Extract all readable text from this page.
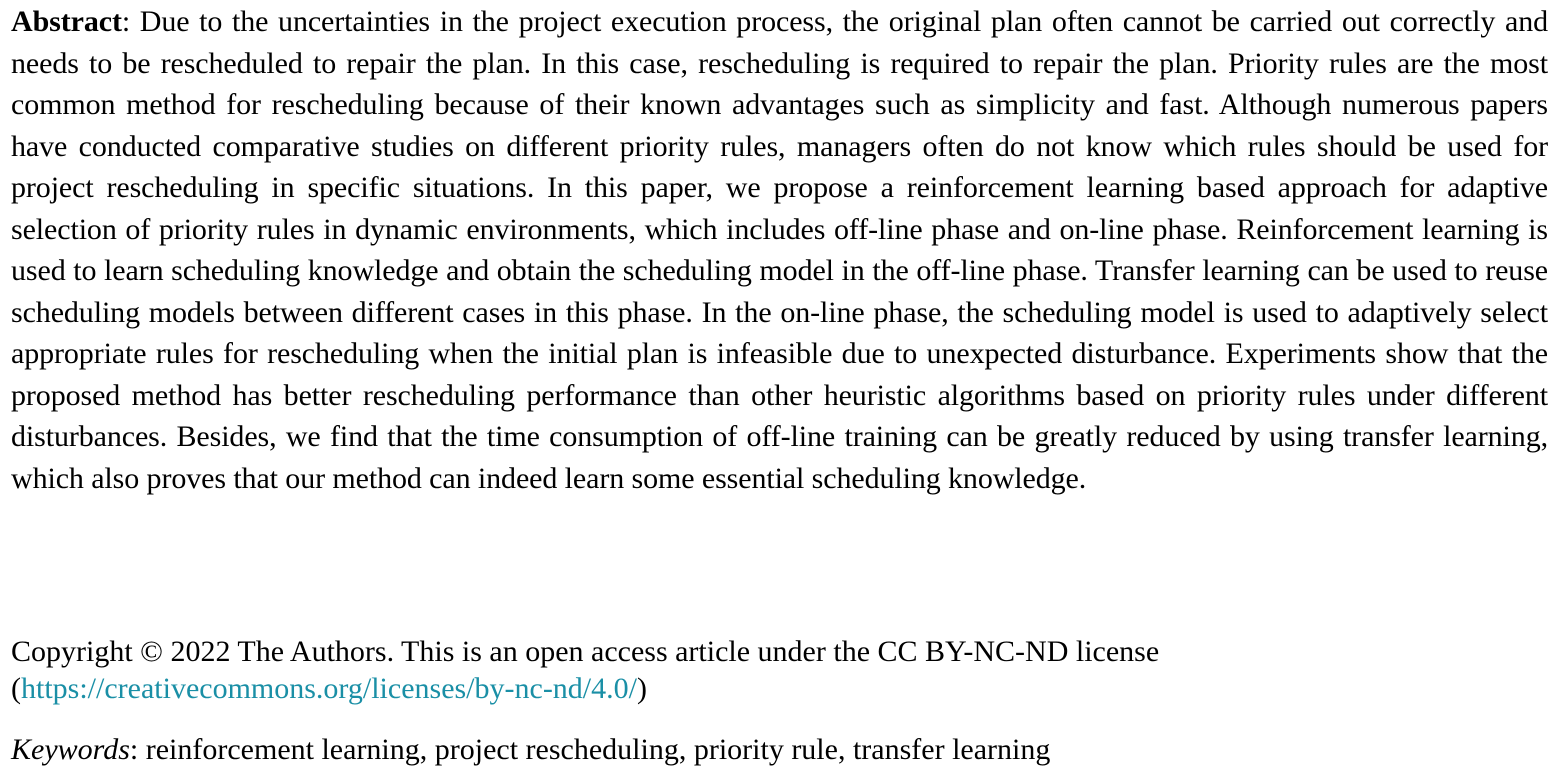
Abstract: Due to the uncertainties in the project execution process, the original plan often cannot be carried out correctly and needs to be rescheduled to repair the plan. In this case, rescheduling is required to repair the plan. Priority rules are the most common method for rescheduling because of their known advantages such as simplicity and fast. Although numerous papers have conducted comparative studies on different priority rules, managers often do not know which rules should be used for project rescheduling in specific situations. In this paper, we propose a reinforcement learning based approach for adaptive selection of priority rules in dynamic environments, which includes off-line phase and on-line phase. Reinforcement learning is used to learn scheduling knowledge and obtain the scheduling model in the off-line phase. Transfer learning can be used to reuse scheduling models between different cases in this phase. In the on-line phase, the scheduling model is used to adaptively select appropriate rules for rescheduling when the initial plan is infeasible due to unexpected disturbance. Experiments show that the proposed method has better rescheduling performance than other heuristic algorithms based on priority rules under different disturbances. Besides, we find that the time consumption of off-line training can be greatly reduced by using transfer learning, which also proves that our method can indeed learn some essential scheduling knowledge.

Copyright © 2022 The Authors. This is an open access article under the CC BY-NC-ND license
(https://creativecommons.org/licenses/by-nc-nd/4.0/)

Keywords: reinforcement learning, project rescheduling, priority rule, transfer learning
